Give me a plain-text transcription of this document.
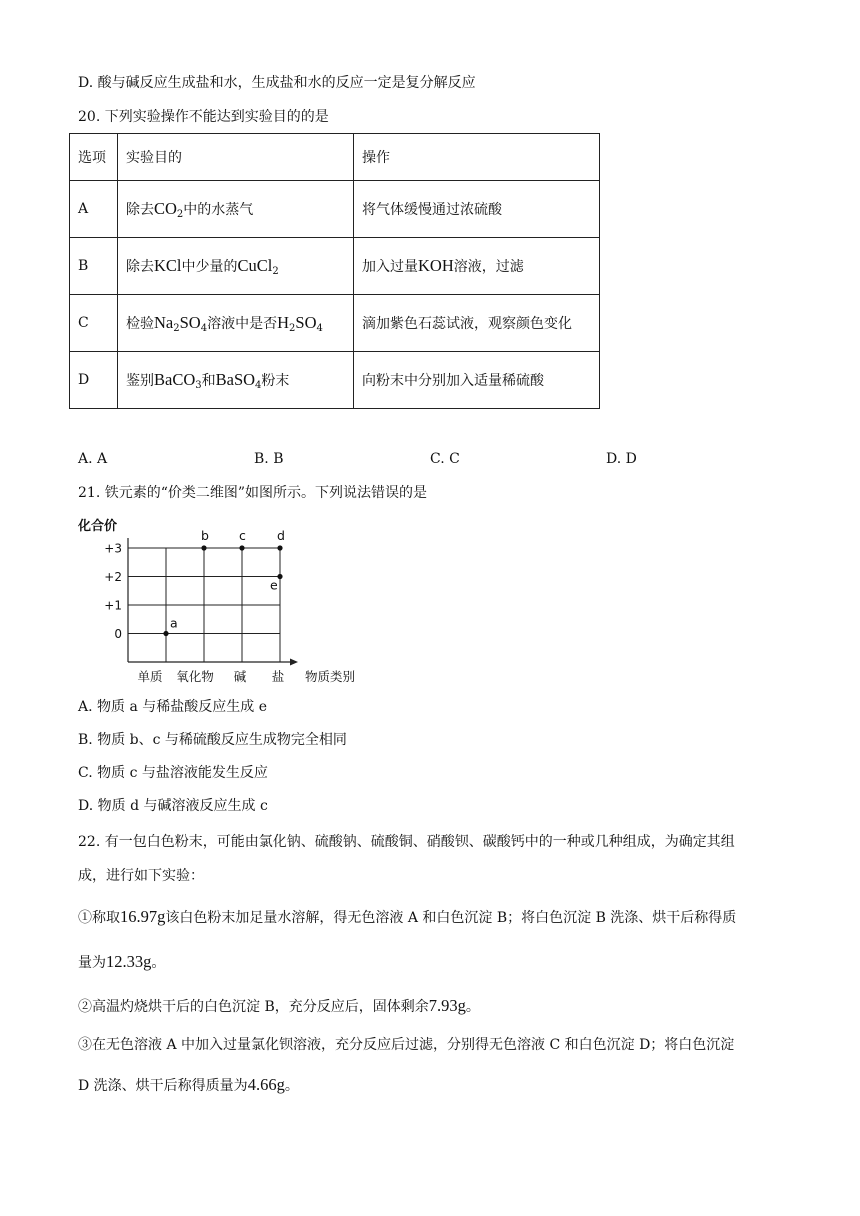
D. 酸与碱反应生成盐和水，生成盐和水的反应一定是复分解反应
20. 下列实验操作不能达到实验目的的是
选项	实验目的	操作
A	除去$CO_2$中的水蒸气	将气体缓慢通过浓硫酸
B	除去KCl中少量的CuCl$_2$	加入过量KOH溶液，过滤
C	检验$Na_2SO_4$溶液中是否$H_2SO_4$	滴加紫色石蕊试液，观察颜色变化
D	鉴别BaCO$_3$和BaSO$_4$粉末	向粉末中分别加入适量稀硫酸
A. A	B. B	C. C	D. D
21. 铁元素的“价类二维图”如图所示。下列说法错误的是
化合价
+3
+2
+1
0
单质 氧化物 碱 盐 物质类别
a
b c d
e
A. 物质 a 与稀盐酸反应生成 e
B. 物质 b、c 与稀硫酸反应生成物完全相同
C. 物质 c 与盐溶液能发生反应
D. 物质 d 与碱溶液反应生成 c
22. 有一包白色粉末，可能由氯化钠、硫酸钠、硫酸铜、硝酸钡、碳酸钙中的一种或几种组成，为确定其组
成，进行如下实验：
①称取16.97g该白色粉末加足量水溶解，得无色溶液 A 和白色沉淀 B；将白色沉淀 B 洗涤、烘干后称得质
量为12.33g。
②高温灼烧烘干后的白色沉淀 B，充分反应后，固体剩余7.93g。
③在无色溶液 A 中加入过量氯化钡溶液，充分反应后过滤，分别得无色溶液 C 和白色沉淀 D；将白色沉淀
D 洗涤、烘干后称得质量为4.66g。
